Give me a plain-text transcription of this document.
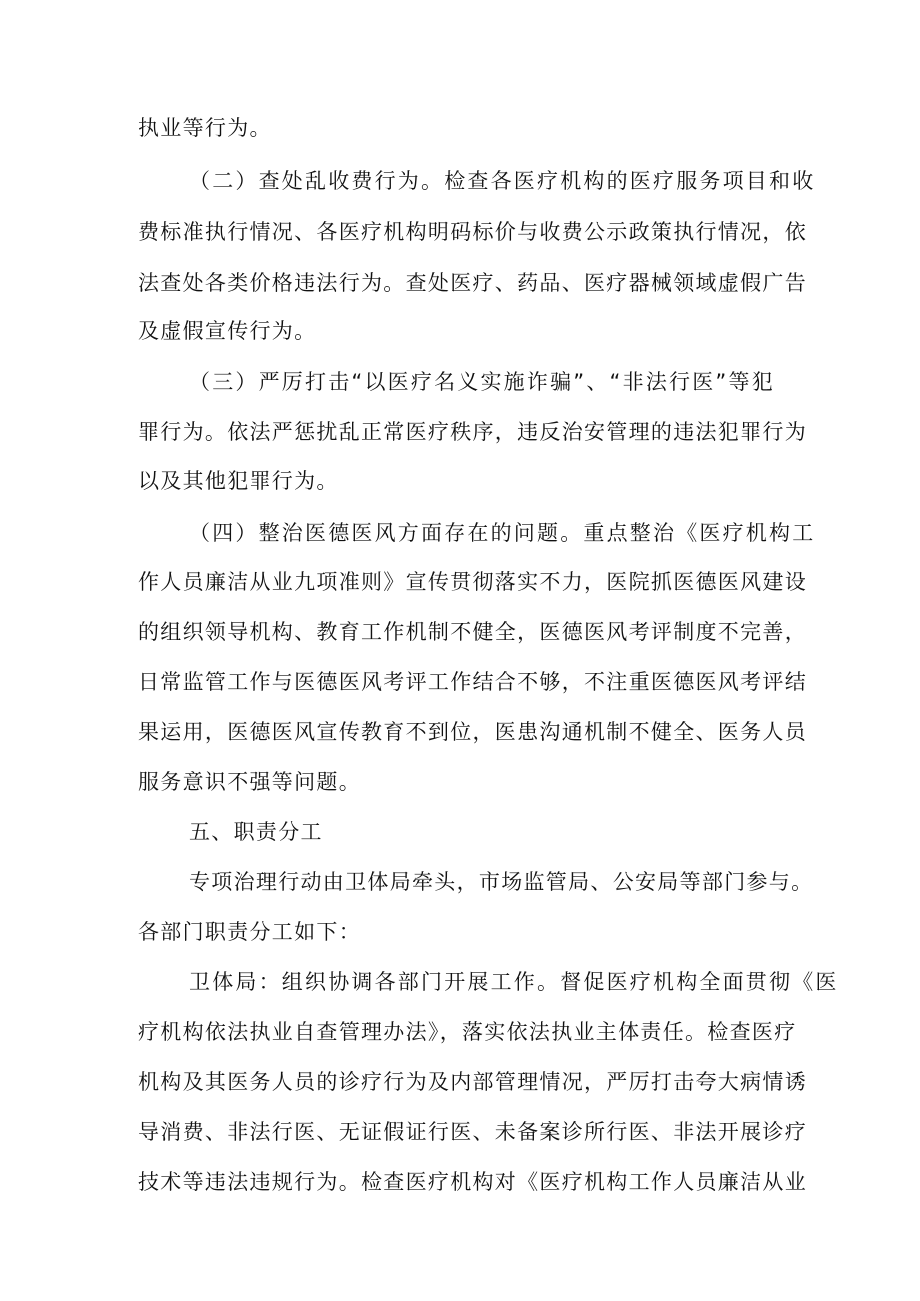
执业等行为。
（二）查处乱收费行为。检查各医疗机构的医疗服务项目和收
费标准执行情况、各医疗机构明码标价与收费公示政策执行情况，依
法查处各类价格违法行为。查处医疗、药品、医疗器械领域虚假广告
及虚假宣传行为。
（三）严厉打击“以医疗名义实施诈骗”、“非法行医”等犯
罪行为。依法严惩扰乱正常医疗秩序，违反治安管理的违法犯罪行为
以及其他犯罪行为。
（四）整治医德医风方面存在的问题。重点整治《医疗机构工
作人员廉洁从业九项准则》宣传贯彻落实不力，医院抓医德医风建设
的组织领导机构、教育工作机制不健全，医德医风考评制度不完善，
日常监管工作与医德医风考评工作结合不够，不注重医德医风考评结
果运用，医德医风宣传教育不到位，医患沟通机制不健全、医务人员
服务意识不强等问题。
五、职责分工
专项治理行动由卫体局牵头，市场监管局、公安局等部门参与。
各部门职责分工如下：
卫体局：组织协调各部门开展工作。督促医疗机构全面贯彻《医
疗机构依法执业自查管理办法》，落实依法执业主体责任。检查医疗
机构及其医务人员的诊疗行为及内部管理情况，严厉打击夸大病情诱
导消费、非法行医、无证假证行医、未备案诊所行医、非法开展诊疗
技术等违法违规行为。检查医疗机构对《医疗机构工作人员廉洁从业
